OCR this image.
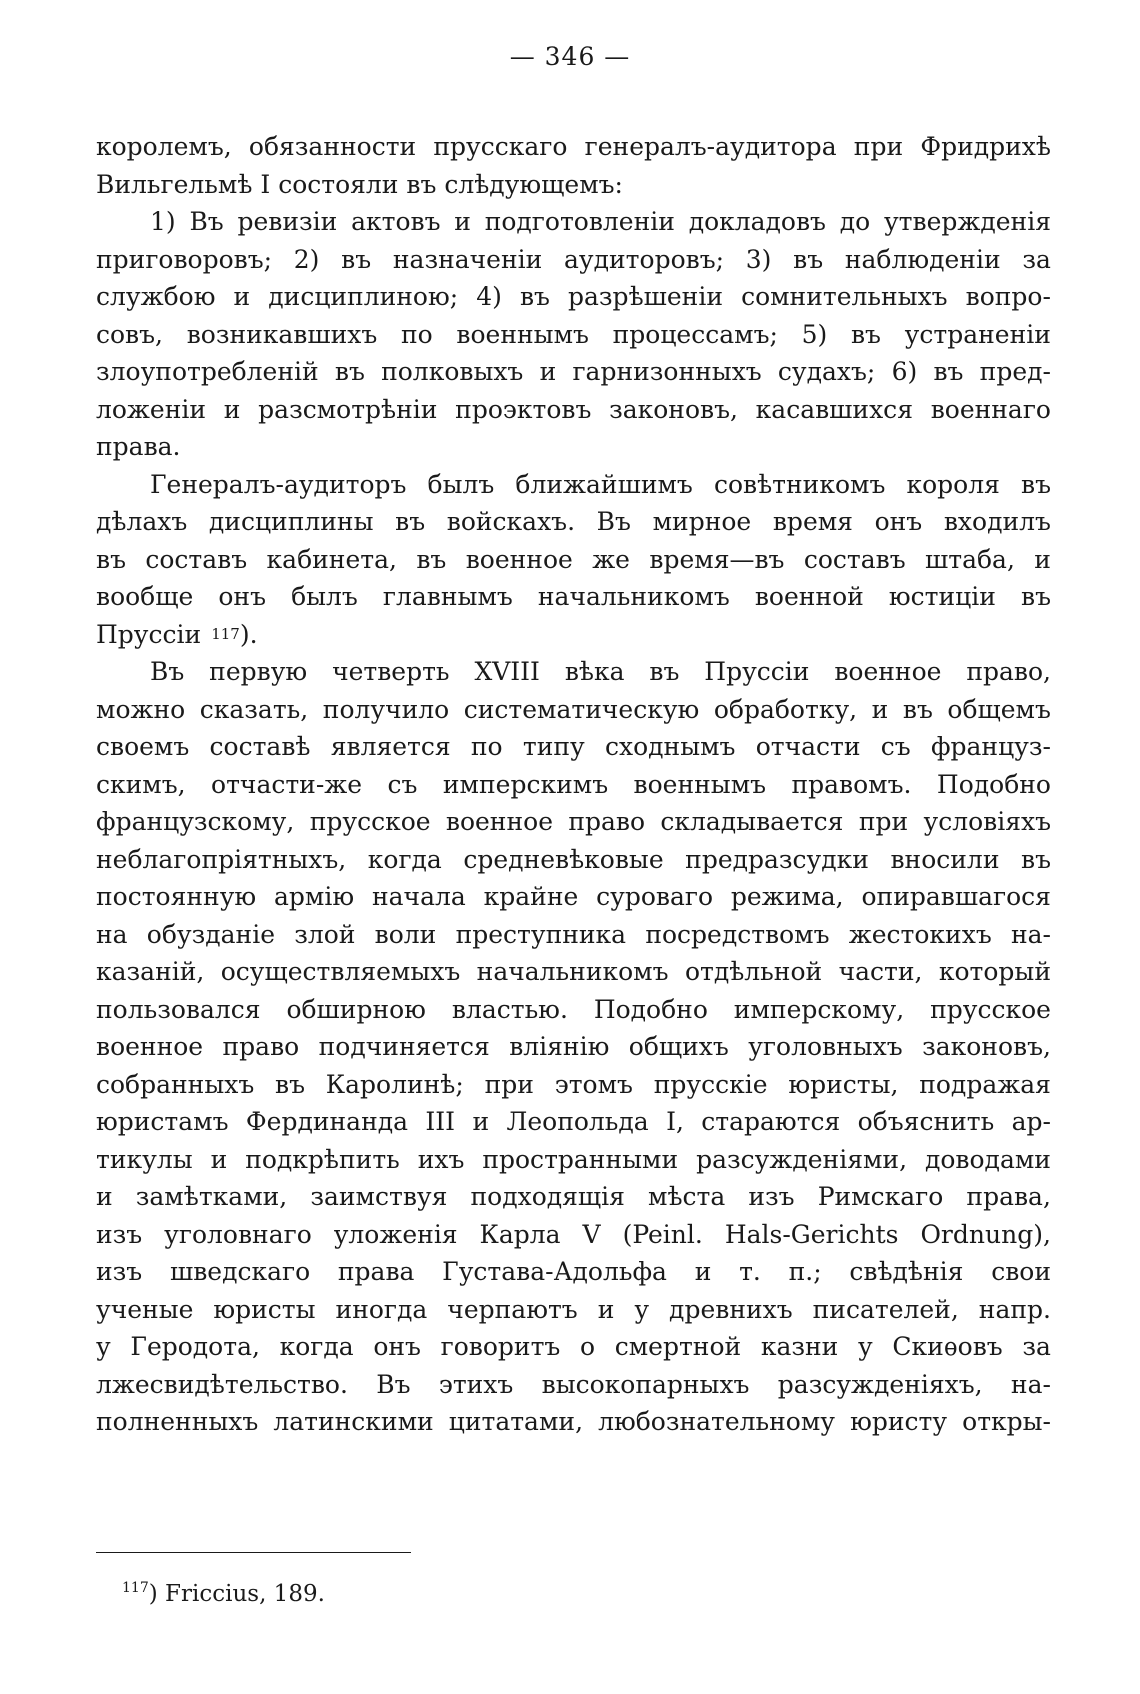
— 346 —
королемъ, обязанности прусскаго генералъ-аудитора при Фридрихѣ
Вильгельмѣ I состояли въ слѣдующемъ:
1) Въ ревизіи актовъ и подготовленіи докладовъ до утвержденія
приговоровъ; 2) въ назначеніи аудиторовъ; 3) въ наблюденіи за
службою и дисциплиною; 4) въ разрѣшеніи сомнительныхъ вопро-
совъ, возникавшихъ по военнымъ процессамъ; 5) въ устраненіи
злоупотребленій въ полковыхъ и гарнизонныхъ судахъ; 6) въ пред-
ложеніи и разсмотрѣніи проэктовъ законовъ, касавшихся военнаго
права.
Генералъ-аудиторъ былъ ближайшимъ совѣтникомъ короля въ
дѣлахъ дисциплины въ войскахъ. Въ мирное время онъ входилъ
въ составъ кабинета, въ военное же время—въ составъ штаба, и
вообще онъ былъ главнымъ начальникомъ военной юстиціи въ
Пруссіи 117 ).
Въ первую четверть XVIII вѣка въ Пруссіи военное право,
можно сказать, получило систематическую обработку, и въ общемъ
своемъ составѣ является по типу сходнымъ отчасти съ француз-
скимъ, отчасти-же съ имперскимъ военнымъ правомъ. Подобно
французскому, прусское военное право складывается при условіяхъ
неблагопріятныхъ, когда средневѣковые предразсудки вносили въ
постоянную армію начала крайне суроваго режима, опиравшагося
на обузданіе злой воли преступника посредствомъ жестокихъ на-
казаній, осуществляемыхъ начальникомъ отдѣльной части, который
пользовался обширною властью. Подобно имперскому, прусское
военное право подчиняется вліянію общихъ уголовныхъ законовъ,
собранныхъ въ Каролинѣ; при этомъ прусскіе юристы, подражая
юристамъ Фердинанда III и Леопольда I, стараются объяснить ар-
тикулы и подкрѣпить ихъ пространными разсужденіями, доводами
и замѣтками, заимствуя подходящія мѣста изъ Римскаго права,
изъ уголовнаго уложенія Карла V (Peinl. Hals-Gerichts Ordnung),
изъ шведскаго права Густава-Адольфа и т. п.; свѣдѣнія свои
ученые юристы иногда черпаютъ и у древнихъ писателей, напр.
у Геродота, когда онъ говоритъ о смертной казни у Скиѳовъ за
лжесвидѣтельство. Въ этихъ высокопарныхъ разсужденіяхъ, на-
полненныхъ латинскими цитатами, любознательному юристу откры-
$^{117}$) Friccius, 189.
